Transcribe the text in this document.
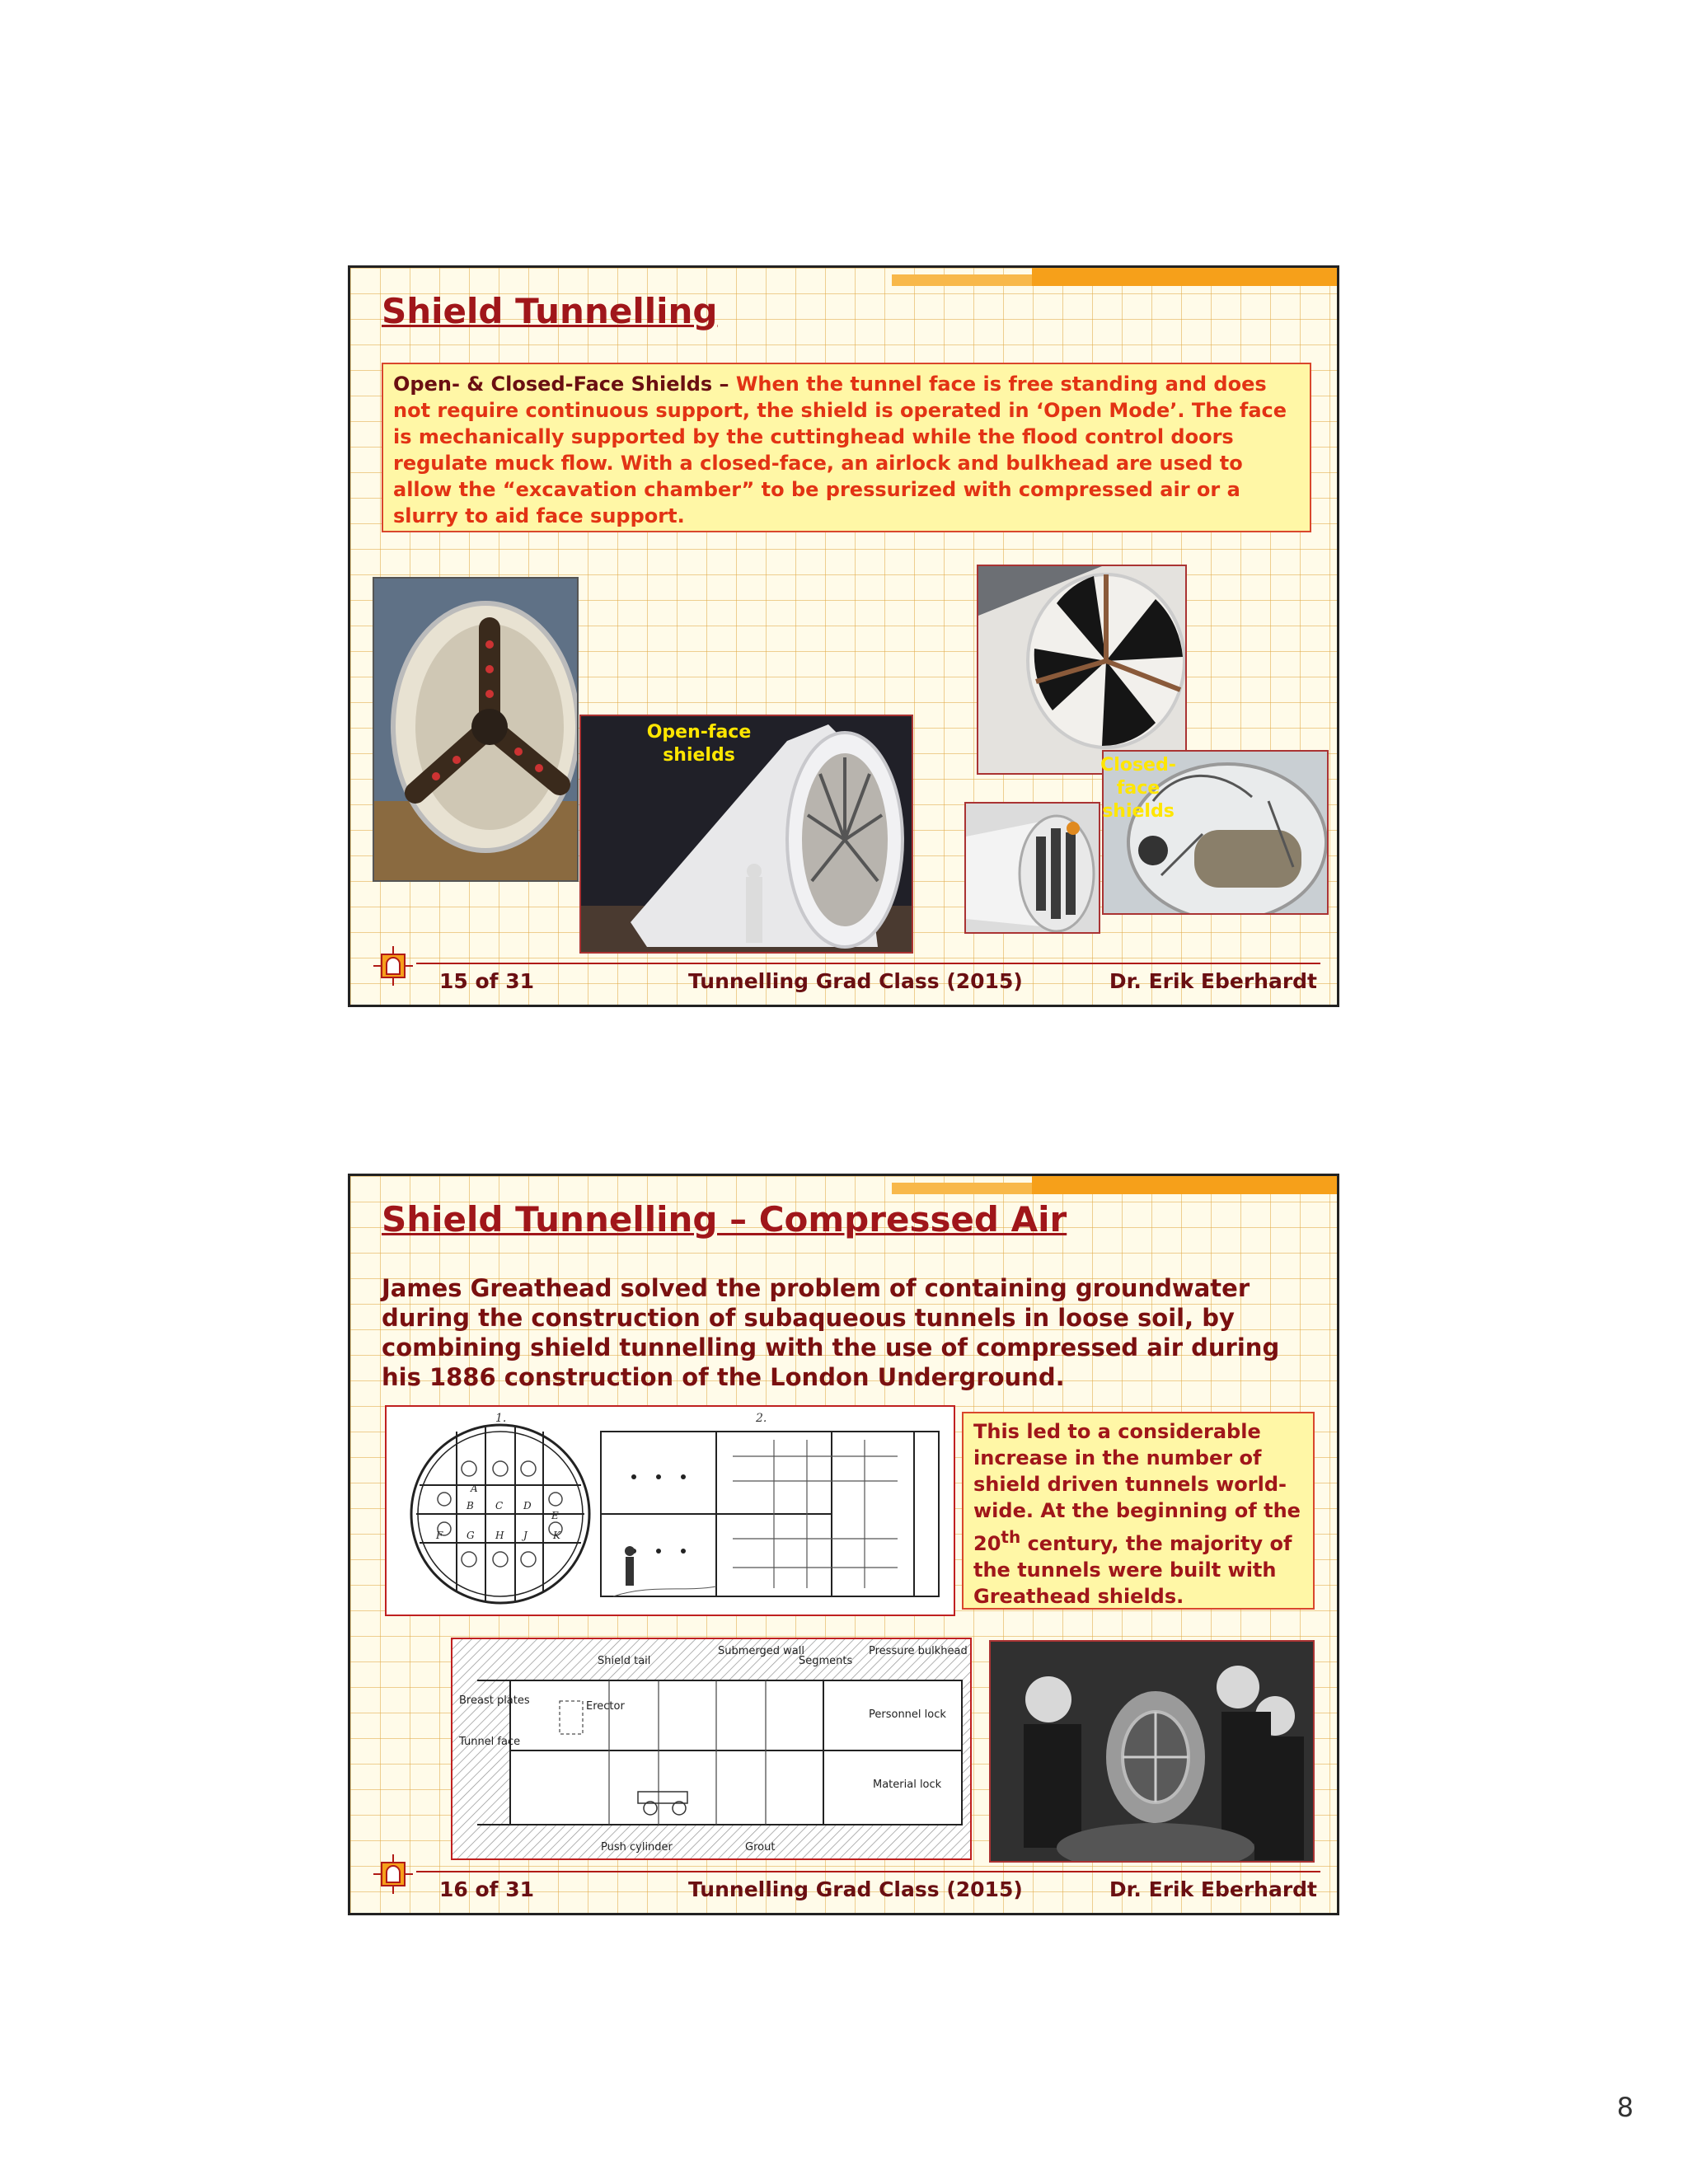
Shield Tunnelling
Open- & Closed-Face Shields – When the tunnel face is free standing and does not require continuous support, the shield is operated in ‘Open Mode’. The face is mechanically supported by the cuttinghead while the flood control doors regulate muck flow. With a closed-face, an airlock and bulkhead are used to allow the “excavation chamber” to be pressurized with compressed air or a slurry to aid face support.
Open-face shields	Closed-face shields
15 of 31	Tunnelling Grad Class (2015)	Dr. Erik Eberhardt
Shield Tunnelling – Compressed Air

James Greathead solved the problem of containing groundwater during the construction of subaqueous tunnels in loose soil, by combining shield tunnelling with the use of compressed air during his 1886 construction of the London Underground.

1.	2.
A
B C D
E
F G H J	K
This led to a considerable increase in the number of shield driven tunnels world-wide. At the beginning of the 20th century, the majority of the tunnels were built with Greathead shields.
Shield tail
Submerged wall
Segments
Pressure bulkhead
Breast plates
Tunnel face
Erector
Personnel lock
Material lock
Push cylinder	Grout
16 of 31	Tunnelling Grad Class (2015)	Dr. Erik Eberhardt
8
